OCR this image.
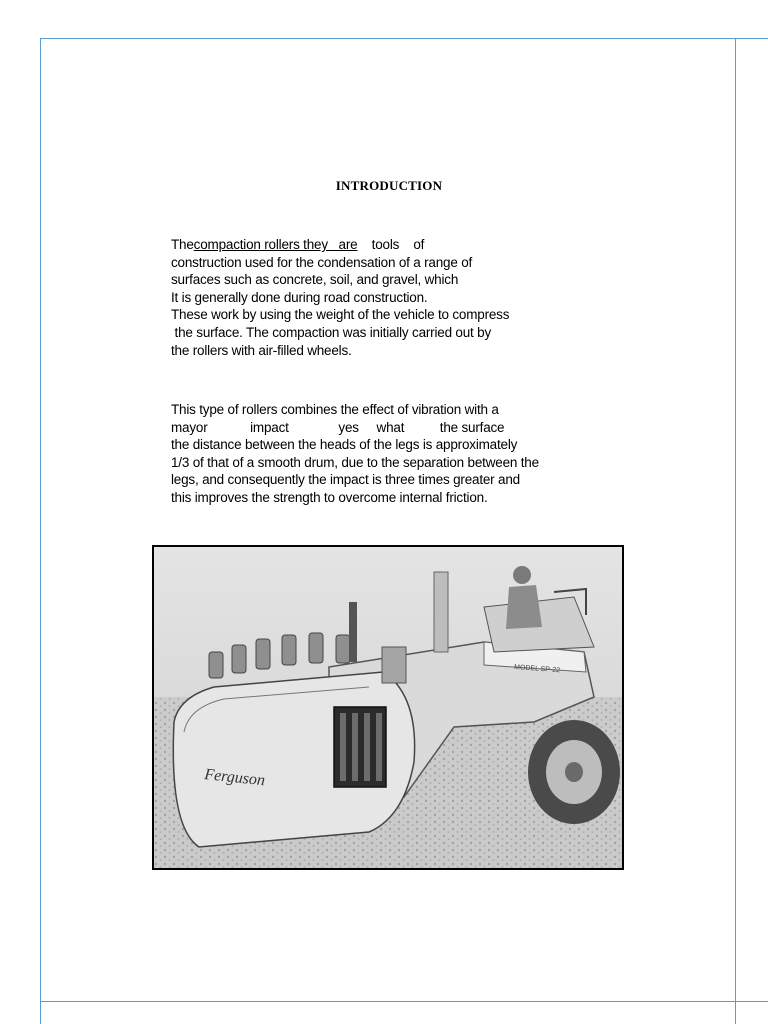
INTRODUCTION
Thecompaction rollers they   are    tools    of
construction used for the condensation of a range of
surfaces such as concrete, soil, and gravel, which
It is generally done during road construction.
These work by using the weight of the vehicle to compress
the surface. The compaction was initially carried out by
the rollers with air-filled wheels.
This type of rollers combines the effect of vibration with a
mayor            impact              yes     what          the surface
the distance between the heads of the legs is approximately
1/3 of that of a smooth drum, due to the separation between the
legs, and consequently the impact is three times greater and
this improves the strength to overcome internal friction.
MODEL SP-22
Ferguson
